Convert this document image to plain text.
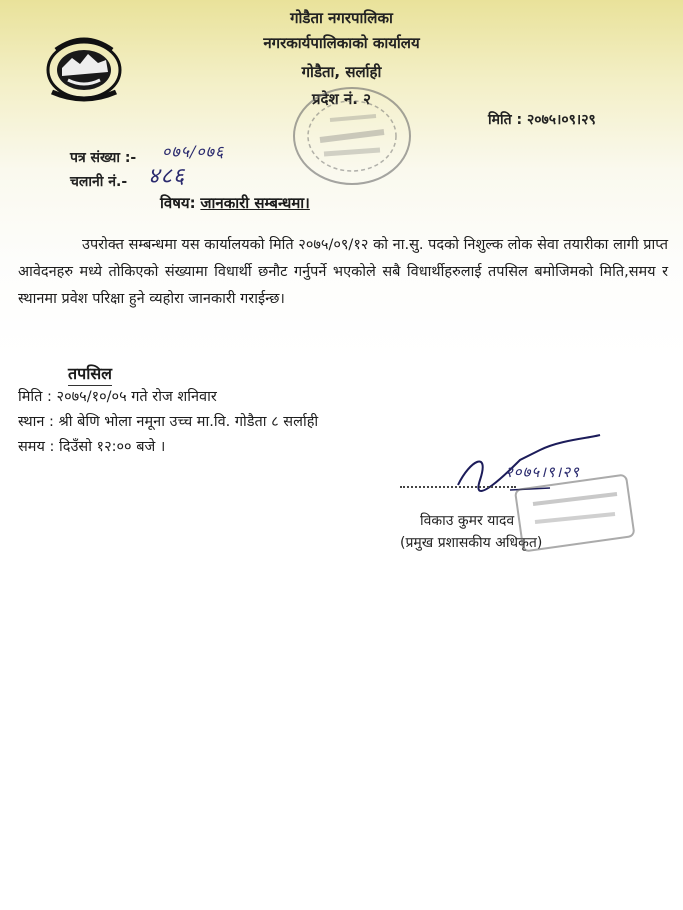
गोडैता नगरपालिका
नगरकार्यपालिकाको कार्यालय
गोडैता, सर्लाही
प्रदेश नं. २
मिति : २०७५।०९।२९
पत्र संख्या :- ०७५/०७६
चलानी नं.- ४८६
विषय: जानकारी सम्बन्धमा।
उपरोक्त सम्बन्धमा यस कार्यालयको मिति २०७५/०९/१२ को ना.सु. पदको निशुल्क लोक सेवा तयारीका लागी प्राप्त आवेदनहरु मध्ये तोकिएको संख्यामा विधार्थी छनौट गर्नुपर्ने भएकोले सबै विधार्थीहरुलाई तपसिल बमोजिमको मिति,समय र स्थानमा प्रवेश परिक्षा हुने व्यहोरा जानकारी गराईन्छ।
तपसिल
मिति : २०७५/१०/०५ गते रोज शनिवार
स्थान : श्री बेणि भोला नमूना उच्च मा.वि. गोडैता ८ सर्लाही
समय : दिउँसो १२:०० बजे ।
२०७५।९।२९
विकाउ कुमर यादव
(प्रमुख प्रशासकीय अधिकृत)
